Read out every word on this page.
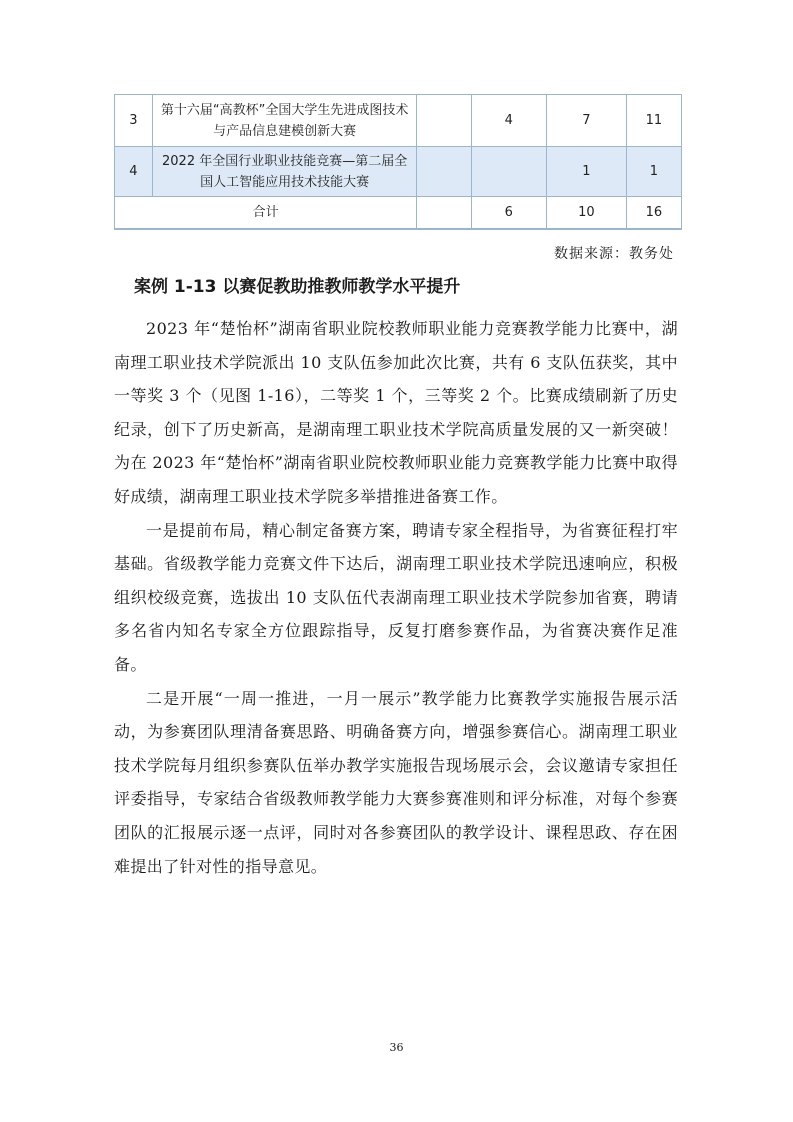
3	第十六届“高教杯”全国大学生先进成图技术与产品信息建模创新大赛		4	7	11
4	2022 年全国行业职业技能竞赛—第二届全国人工智能应用技术技能大赛			1	1
合计			6	10	16
数据来源：教务处
案例 1-13 以赛促教助推教师教学水平提升

2023 年“楚怡杯”湖南省职业院校教师职业能力竞赛教学能力比赛中，湖南理工职业技术学院派出 10 支队伍参加此次比赛，共有 6 支队伍获奖，其中一等奖 3 个（见图 1-16），二等奖 1 个，三等奖 2 个。比赛成绩刷新了历史纪录，创下了历史新高，是湖南理工职业技术学院高质量发展的又一新突破！为在 2023 年“楚怡杯”湖南省职业院校教师职业能力竞赛教学能力比赛中取得好成绩，湖南理工职业技术学院多举措推进备赛工作。

一是提前布局，精心制定备赛方案，聘请专家全程指导，为省赛征程打牢基础。省级教学能力竞赛文件下达后，湖南理工职业技术学院迅速响应，积极组织校级竞赛，选拔出 10 支队伍代表湖南理工职业技术学院参加省赛，聘请多名省内知名专家全方位跟踪指导，反复打磨参赛作品，为省赛决赛作足准备。

二是开展“一周一推进，一月一展示”教学能力比赛教学实施报告展示活动，为参赛团队理清备赛思路、明确备赛方向，增强参赛信心。湖南理工职业技术学院每月组织参赛队伍举办教学实施报告现场展示会，会议邀请专家担任评委指导，专家结合省级教师教学能力大赛参赛准则和评分标准，对每个参赛团队的汇报展示逐一点评，同时对各参赛团队的教学设计、课程思政、存在困难提出了针对性的指导意见。

36
